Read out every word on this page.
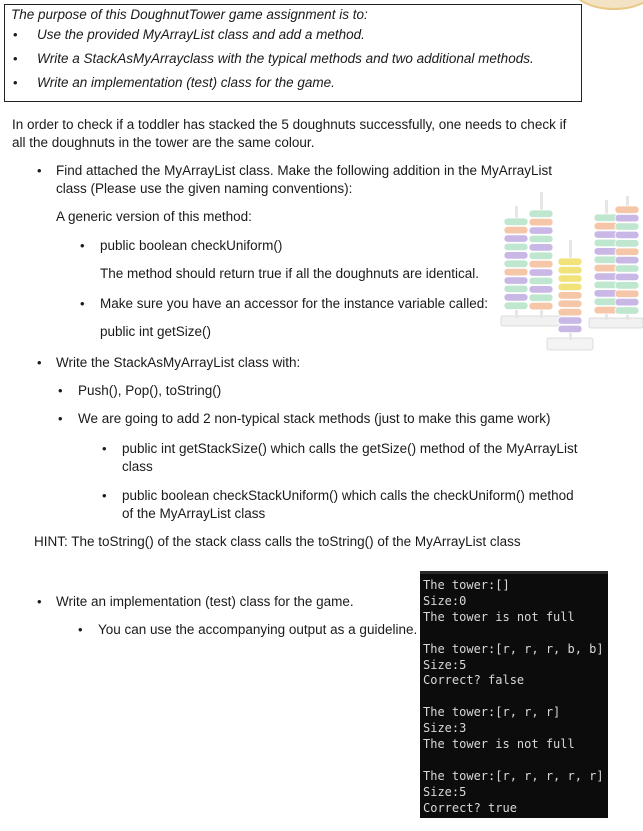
The purpose of this DoughnutTower game assignment is to:
• Use the provided MyArrayList class and add a method.
• Write a StackAsMyArrayclass with the typical methods and two additional methods.
• Write an implementation (test) class for the game.
In order to check if a toddler has stacked the 5 doughnuts successfully, one needs to check if
all the doughnuts in the tower are the same colour.
• Find attached the MyArrayList class. Make the following addition in the MyArrayList
class (Please use the given naming conventions):
A generic version of this method:
• public boolean checkUniform()
The method should return true if all the doughnuts are identical.
• Make sure you have an accessor for the instance variable called:
public int getSize()
• Write the StackAsMyArrayList class with:
• Push(), Pop(), toString()
• We are going to add 2 non-typical stack methods (just to make this game work)
• public int getStackSize() which calls the getSize() method of the MyArrayList
class
• public boolean checkStackUniform() which calls the checkUniform() method
of the MyArrayList class
HINT: The toString() of the stack class calls the toString() of the MyArrayList class
• Write an implementation (test) class for the game.
• You can use the accompanying output as a guideline.
The tower:[]
Size:0
The tower is not full
The tower:[r, r, r, b, b]
Size:5
Correct? false
The tower:[r, r, r]
Size:3
The tower is not full
The tower:[r, r, r, r, r]
Size:5
Correct? true
